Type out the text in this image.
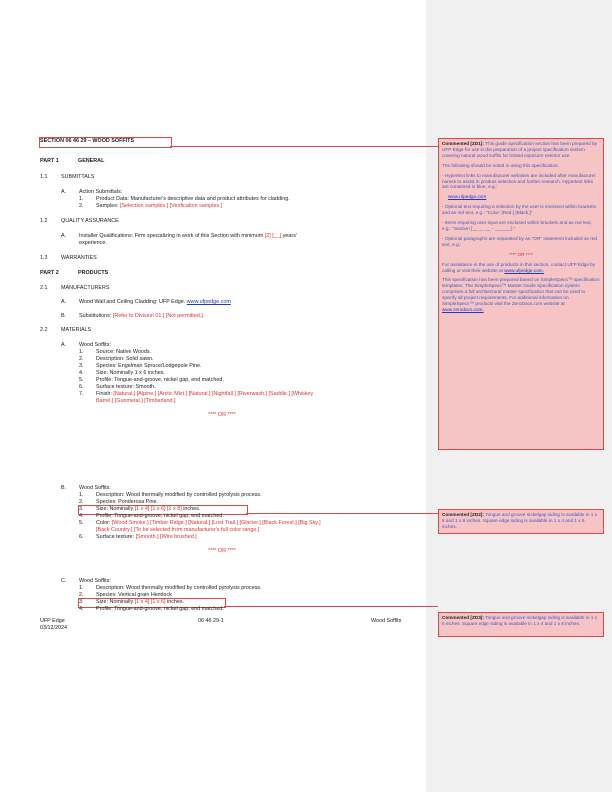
SECTION 06 46 29 – WOOD SOFFITS
PART 1	GENERAL
1.1	SUBMITTALS
A. Action Submittals:
1. Product Data: Manufacturer's descriptive data and product attributes for cladding.
2. Samples: [Selection samples.] [Verification samples.]
1.2	QUALITY ASSURANCE
A. Installer Qualifications: Firm specializing in work of this Section with minimum [2] [__] years'
experience.
1.3	WARRANTIES
PART 2	PRODUCTS
2.1	MANUFACTURERS
A. Wood Wall and Ceiling Cladding: UFP Edge. www.ufpedge.com
B. Substitutions: [Refer to Division 01.] [Not permitted.]
2.2	MATERIALS
A. Wood Soffits:
1. Source: Native Woods.
2. Description: Solid sawn.
3. Species: Engelman Spruce/Lodgepole Pine.
4. Size: Nominally 1 x 6 inches.
5. Profile: Tongue-and-groove, nickel gap, end matched.
6. Surface texture: Smooth.
7. Finish: [Natural.] [Alpine.] [Arctic Mist.] [Natural.] [Nightfall.] [Riverwash.] [Saddle.] [Whiskey
Barrel.] [Gunmetal.] [Timberland.]
**** OR ****
B. Wood Soffits:
1. Description: Wood thermally modified by controlled pyrolysis process.
2. Species: Ponderosa Pine.
3. Size: Nominally [1 x 4] [1 x 6] [1 x 8] inches.
4. Profile: Tongue-and-groove, nickel gap, end matched.
5. Color: [Wood Smoke.] [Timber Ridge.] [Natural.] [Lost Trail.] [Glacier.] [Black Forest.] [Big Sky.]
[Back Country.] [To be selected from manufacturer's full color range.]
6. Surface texture: [Smooth.] [Wire brushed.]
**** OR ****
C. Wood Soffits:
1. Description: Wood thermally modified by controlled pyrolysis process.
2. Species: Vertical grain Hemlock
3. Size: Nominally [1 x 4] [1 x 6] inches.
4. Profile: Tongue-and-groove, nickel gap, end matched.
UFP Edge
03/12/2024
06 46 29-1	Wood Soffits

Commented [ZD1]: This guide specification section has been prepared by UFP Edge for use in the preparation of a project specification section covering natural wood soffits for limited exposure exterior use.

The following should be noted in using this specification:

- Hypertext links to manufacturer websites are included after manufacturer names to assist in product selection and further research. Hypertext links are contained in blue, e.g.:

www.ufpedge.com

- Optional text requiring a selection by the user is enclosed within brackets and as red text, e.g.: "Color: [Red.] [Black.]"

- Items requiring user input are enclosed within brackets and as red text, e.g.: "Section [__ __ __ - ______]."

- Optional paragraphs are separated by an "OR" statement included as red text, e.g.:

**** OR ****

For assistance in the use of products in this section, contact UFP Edge by calling or visit their website at www.ufpedge.com.

This specification has been prepared based on SimpleSpecs™ specification templates. The SimpleSpecs™ Master Guide Specification system comprises a full architectural master specification that can be used to specify all project requirements. For additional information on SimpleSpecs™ products visit the ZeroDocs.com website at www.zerodocs.com.

Commented [ZD2]: Tongue and groove nickelgap siding is available in 1 x 6 and 1 x 8 inches. Square edge siding is available in 1 x 4 and 1 x 6 inches.

Commented [ZD3]: Tongue and groove nickelgap siding is available in 1 x 6 inches. Square edge siding is available in 1 x 4 and 1 x 6 inches.
